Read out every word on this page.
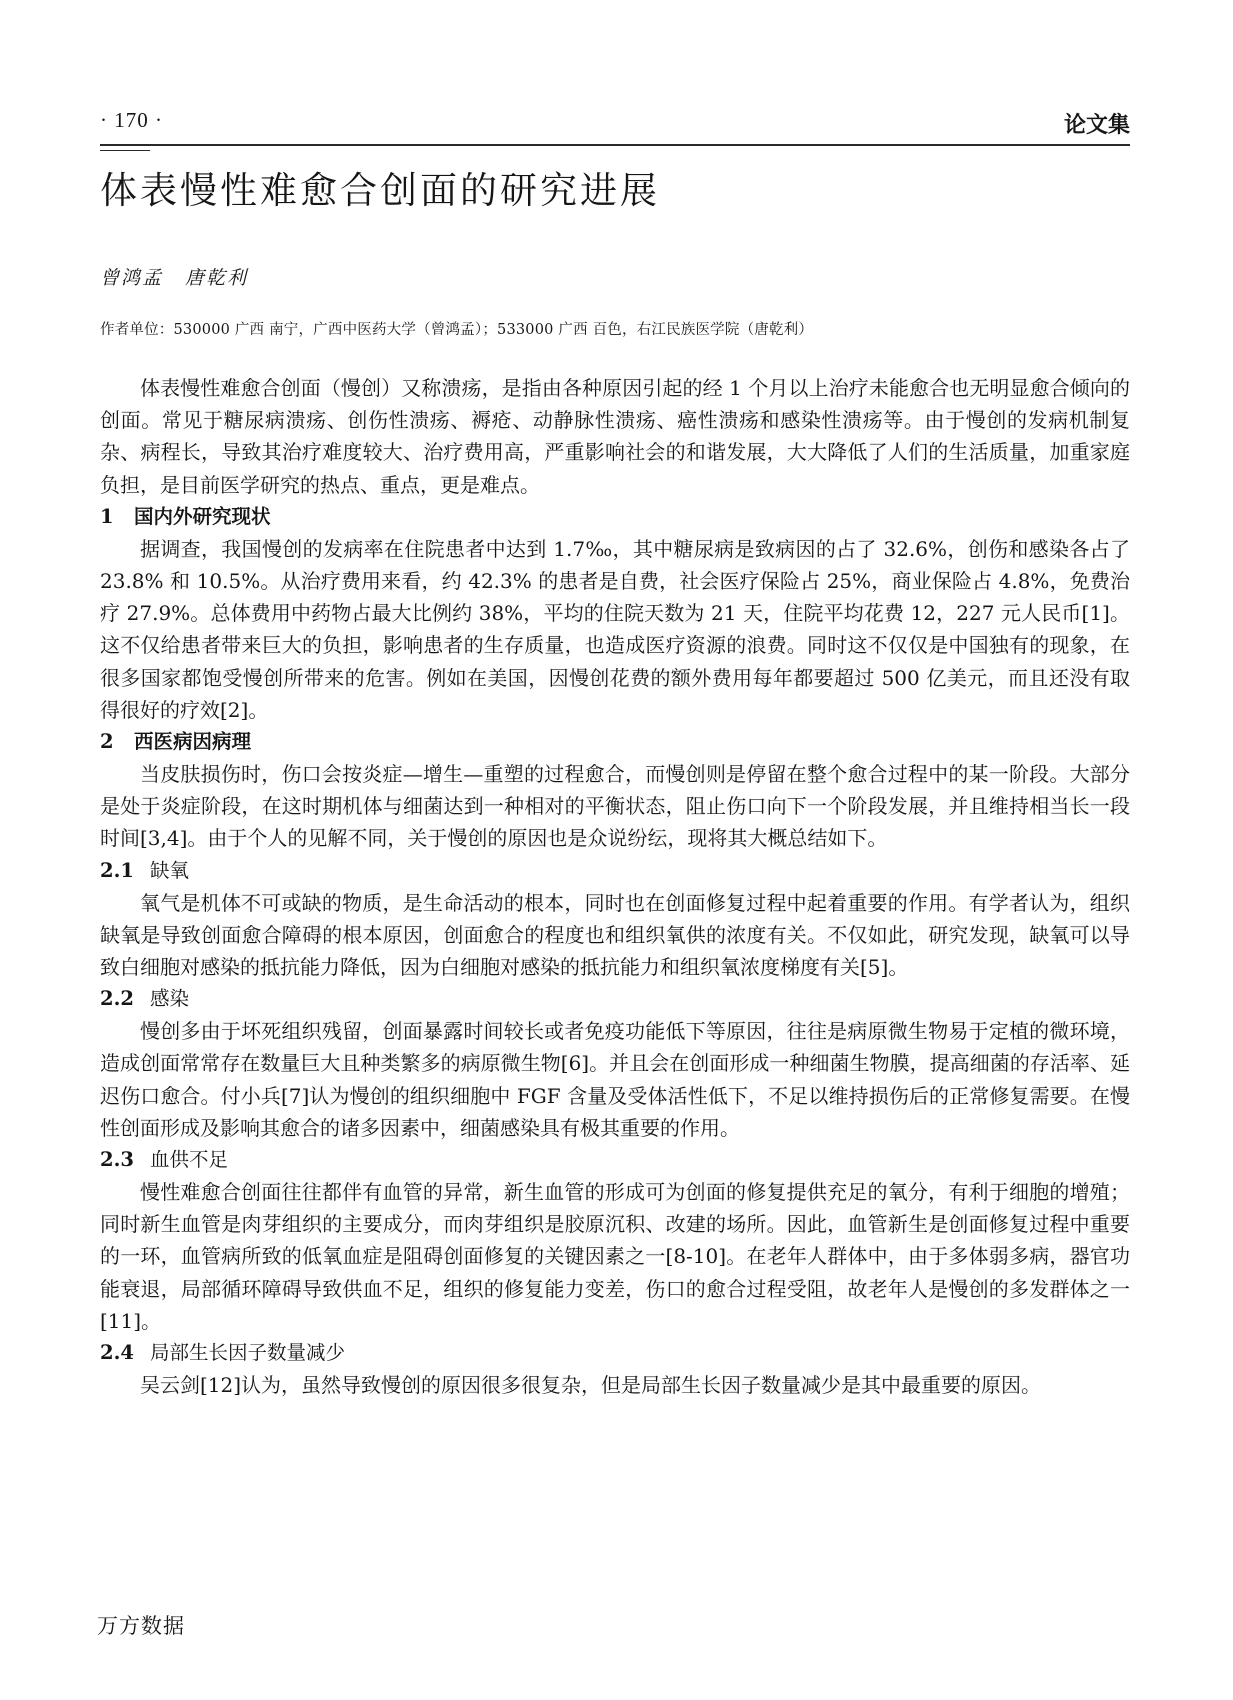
· 170 ·	论文集
体表慢性难愈合创面的研究进展
曾鸿孟 唐乾利
作者单位：530000 广西 南宁，广西中医药大学（曾鸿孟）；533000 广西 百色，右江民族医学院（唐乾利）

体表慢性难愈合创面（慢创）又称溃疡，是指由各种原因引起的经 1 个月以上治疗未能愈合也无明显愈合倾向的创面。常见于糖尿病溃疡、创伤性溃疡、褥疮、动静脉性溃疡、癌性溃疡和感染性溃疡等。由于慢创的发病机制复杂、病程长，导致其治疗难度较大、治疗费用高，严重影响社会的和谐发展，大大降低了人们的生活质量，加重家庭负担，是目前医学研究的热点、重点，更是难点。

1 国内外研究现状

据调查，我国慢创的发病率在住院患者中达到 1.7‰，其中糖尿病是致病因的占了 32.6%，创伤和感染各占了 23.8% 和 10.5%。从治疗费用来看，约 42.3% 的患者是自费，社会医疗保险占 25%，商业保险占 4.8%，免费治疗 27.9%。总体费用中药物占最大比例约 38%，平均的住院天数为 21 天，住院平均花费 12，227 元人民币[1]。这不仅给患者带来巨大的负担，影响患者的生存质量，也造成医疗资源的浪费。同时这不仅仅是中国独有的现象，在很多国家都饱受慢创所带来的危害。例如在美国，因慢创花费的额外费用每年都要超过 500 亿美元，而且还没有取得很好的疗效[2]。

2 西医病因病理

当皮肤损伤时，伤口会按炎症—增生—重塑的过程愈合，而慢创则是停留在整个愈合过程中的某一阶段。大部分是处于炎症阶段，在这时期机体与细菌达到一种相对的平衡状态，阻止伤口向下一个阶段发展，并且维持相当长一段时间[3,4]。由于个人的见解不同，关于慢创的原因也是众说纷纭，现将其大概总结如下。

2.1 缺氧

氧气是机体不可或缺的物质，是生命活动的根本，同时也在创面修复过程中起着重要的作用。有学者认为，组织缺氧是导致创面愈合障碍的根本原因，创面愈合的程度也和组织氧供的浓度有关。不仅如此，研究发现，缺氧可以导致白细胞对感染的抵抗能力降低，因为白细胞对感染的抵抗能力和组织氧浓度梯度有关[5]。

2.2 感染

慢创多由于坏死组织残留，创面暴露时间较长或者免疫功能低下等原因，往往是病原微生物易于定植的微环境，造成创面常常存在数量巨大且种类繁多的病原微生物[6]。并且会在创面形成一种细菌生物膜，提高细菌的存活率、延迟伤口愈合。付小兵[7]认为慢创的组织细胞中 FGF 含量及受体活性低下，不足以维持损伤后的正常修复需要。在慢性创面形成及影响其愈合的诸多因素中，细菌感染具有极其重要的作用。

2.3 血供不足

慢性难愈合创面往往都伴有血管的异常，新生血管的形成可为创面的修复提供充足的氧分，有利于细胞的增殖；同时新生血管是肉芽组织的主要成分，而肉芽组织是胶原沉积、改建的场所。因此，血管新生是创面修复过程中重要的一环，血管病所致的低氧血症是阻碍创面修复的关键因素之一[8-10]。在老年人群体中，由于多体弱多病，器官功能衰退，局部循环障碍导致供血不足，组织的修复能力变差，伤口的愈合过程受阻，故老年人是慢创的多发群体之一[11]。

2.4 局部生长因子数量减少

吴云剑[12]认为，虽然导致慢创的原因很多很复杂，但是局部生长因子数量减少是其中最重要的原因。

万方数据
